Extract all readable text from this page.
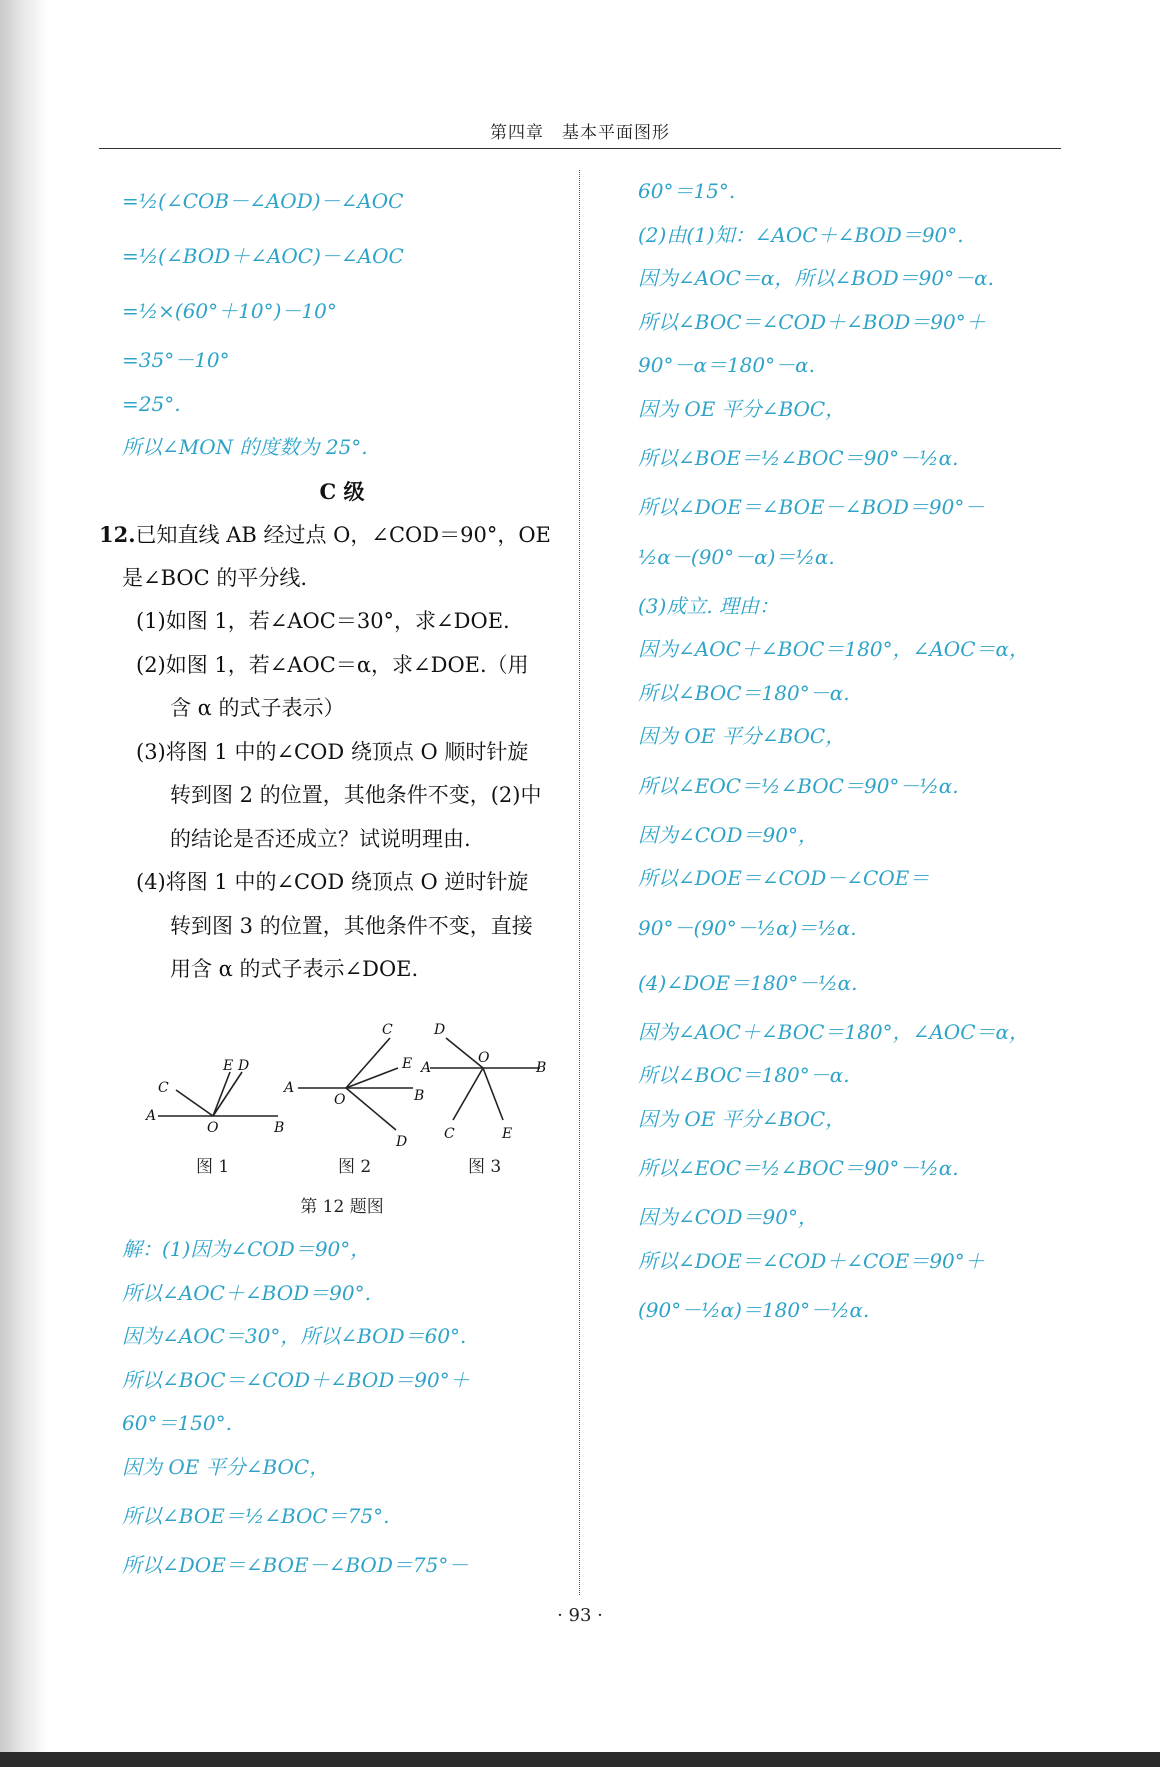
第四章　基本平面图形
=½(∠COB－∠AOD)－∠AOC
=½(∠BOD＋∠AOC)－∠AOC
=½×(60°＋10°)－10°
=35°－10°
=25°.
所以∠MON 的度数为 25°.
C 级
12.已知直线 AB 经过点 O，∠COD＝90°，OE
是∠BOC 的平分线.
(1)如图 1，若∠AOC＝30°，求∠DOE.
(2)如图 1，若∠AOC＝α，求∠DOE.（用
含 α 的式子表示）
(3)将图 1 中的∠COD 绕顶点 O 顺时针旋
转到图 2 的位置，其他条件不变，(2)中
的结论是否还成立？试说明理由.
(4)将图 1 中的∠COD 绕顶点 O 逆时针旋
转到图 3 的位置，其他条件不变，直接
用含 α 的式子表示∠DOE.
A
C
E D
O	B
A
C
E
B
O
D
D
A
O
B
C	E
图 1	图 2	图 3
第 12 题图
解：(1)因为∠COD＝90°，
所以∠AOC＋∠BOD＝90°.
因为∠AOC＝30°，所以∠BOD＝60°.
所以∠BOC＝∠COD＋∠BOD＝90°＋
60°＝150°.
因为 OE 平分∠BOC，
所以∠BOE＝½∠BOC＝75°.
所以∠DOE＝∠BOE－∠BOD＝75°－
60°＝15°.
(2)由(1)知：∠AOC＋∠BOD＝90°.
因为∠AOC＝α，所以∠BOD＝90°－α.
所以∠BOC＝∠COD＋∠BOD＝90°＋
90°－α＝180°－α.
因为 OE 平分∠BOC，
所以∠BOE＝½∠BOC＝90°－½α.
所以∠DOE＝∠BOE－∠BOD＝90°－
½α－(90°－α)＝½α.
(3)成立. 理由：
因为∠AOC＋∠BOC＝180°，∠AOC＝α，
所以∠BOC＝180°－α.
因为 OE 平分∠BOC，
所以∠EOC＝½∠BOC＝90°－½α.
因为∠COD＝90°，
所以∠DOE＝∠COD－∠COE＝
90°－(90°－½α)＝½α.
(4)∠DOE＝180°－½α.
因为∠AOC＋∠BOC＝180°，∠AOC＝α，
所以∠BOC＝180°－α.
因为 OE 平分∠BOC，
所以∠EOC＝½∠BOC＝90°－½α.
因为∠COD＝90°，
所以∠DOE＝∠COD＋∠COE＝90°＋
(90°－½α)＝180°－½α.
· 93 ·
